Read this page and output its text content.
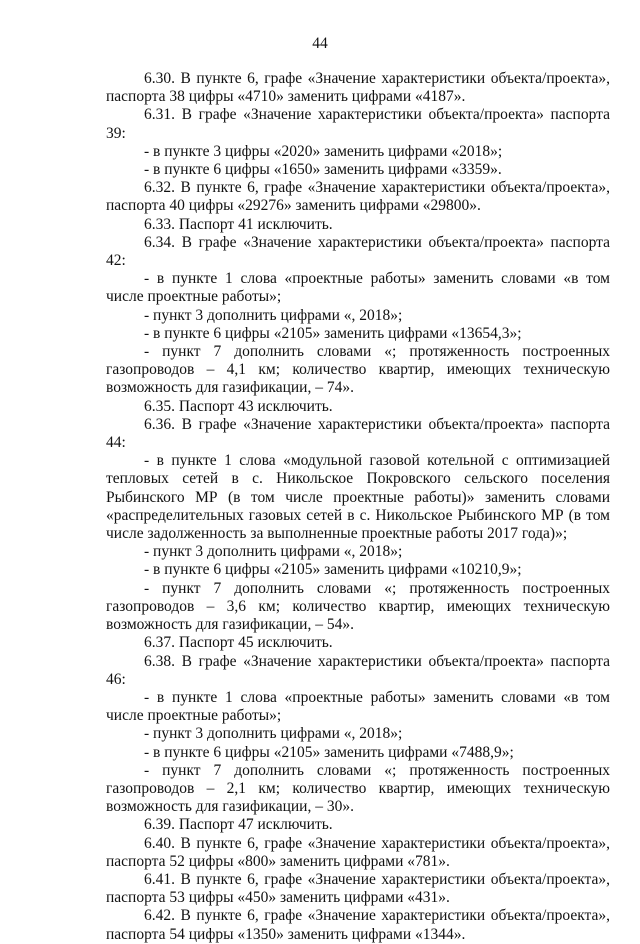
44

6.30. В пункте 6, графе «Значение характеристики объекта/проекта», паспорта 38 цифры «4710» заменить цифрами «4187».

6.31. В графе «Значение характеристики объекта/проекта» паспорта 39:

- в пункте 3 цифры «2020» заменить цифрами «2018»;

- в пункте 6 цифры «1650» заменить цифрами «3359».

6.32. В пункте 6, графе «Значение характеристики объекта/проекта», паспорта 40 цифры «29276» заменить цифрами «29800».

6.33. Паспорт 41 исключить.

6.34. В графе «Значение характеристики объекта/проекта» паспорта 42:

- в пункте 1 слова «проектные работы» заменить словами «в том числе проектные работы»;

- пункт 3 дополнить цифрами «, 2018»;

- в пункте 6 цифры «2105» заменить цифрами «13654,3»;

- пункт 7 дополнить словами «; протяженность построенных газопроводов – 4,1 км; количество квартир, имеющих техническую возможность для газификации, – 74».

6.35. Паспорт 43 исключить.

6.36. В графе «Значение характеристики объекта/проекта» паспорта 44:

- в пункте 1 слова «модульной газовой котельной с оптимизацией тепловых сетей в с. Никольское Покровского сельского поселения Рыбинского МР (в том числе проектные работы)» заменить словами «распределительных газовых сетей в с. Никольское Рыбинского МР (в том числе задолженность за выполненные проектные работы 2017 года)»;

- пункт 3 дополнить цифрами «, 2018»;

- в пункте 6 цифры «2105» заменить цифрами «10210,9»;

- пункт 7 дополнить словами «; протяженность построенных газопроводов – 3,6 км; количество квартир, имеющих техническую возможность для газификации, – 54».

6.37. Паспорт 45 исключить.

6.38. В графе «Значение характеристики объекта/проекта» паспорта 46:

- в пункте 1 слова «проектные работы» заменить словами «в том числе проектные работы»;

- пункт 3 дополнить цифрами «, 2018»;

- в пункте 6 цифры «2105» заменить цифрами «7488,9»;

- пункт 7 дополнить словами «; протяженность построенных газопроводов – 2,1 км; количество квартир, имеющих техническую возможность для газификации, – 30».

6.39. Паспорт 47 исключить.

6.40. В пункте 6, графе «Значение характеристики объекта/проекта», паспорта 52 цифры «800» заменить цифрами «781».

6.41. В пункте 6, графе «Значение характеристики объекта/проекта», паспорта 53 цифры «450» заменить цифрами «431».

6.42. В пункте 6, графе «Значение характеристики объекта/проекта», паспорта 54 цифры «1350» заменить цифрами «1344».
